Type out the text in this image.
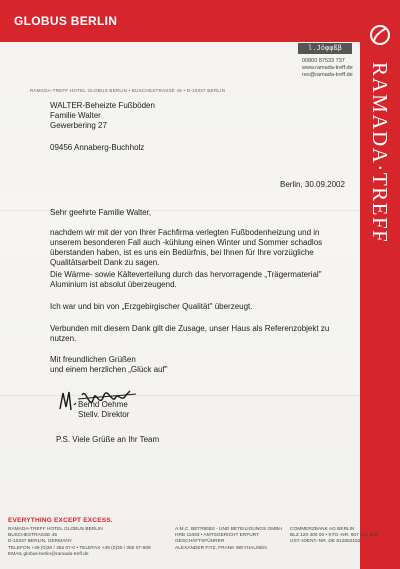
GLOBUS BERLIN
RAMADA·TREFF
l.Jöφφßβ
00800 87533 737
www.ramada-treff.de
res@ramada-treff.de
RAMADA-TREFF HOTEL GLOBUS BERLIN • BUSCHESTRASSE 45 • D-10337 BERLIN
WALTER-Beheizte Fußböden
Familie Walter
Gewerbering 27
09456 Annaberg-Buchholz
Berlin, 30.09.2002
Sehr geehrte Familie Walter,
nachdem wir mit der von Ihrer Fachfirma verlegten Fußbodenheizung und in unserem besonderen Fall auch -kühlung einen Winter und Sommer schadlos überstanden haben, ist es uns ein Bedürfnis, bei Ihnen für Ihre vorzügliche Qualitätsarbeit Dank zu sagen.
Die Wärme- sowie Kälteverteilung durch das hervorragende „Trägermaterial" Aluminium ist absolut überzeugend.
Ich war und bin von „Erzgebirgischer Qualität" überzeugt.
Verbunden mit diesem Dank gilt die Zusage, unser Haus als Referenzobjekt zu nutzen.
Mit freundlichen Grüßen
und einem herzlichen „Glück auf"
Bernd Oehme
Stellv. Direktor
P.S. Viele Grüße an Ihr Team
EVERYTHING EXCEPT EXCESS.
RAMADA-TREFF HOTEL GLOBUS BERLIN
BUSCHESTRASSE 45
D-10337 BERLIN, GERMANY
TELEFON +49 (0)30 / 355 07-0 • TELEFAX +49 (0)30 / 355 07-808
EMAIL globus-berlin@ramada-treff.de
A.M.C. BETRIEBS - UND BETEILIGUNGS GMBH
HRB 11093 • AMTSGERICHT ERFURT
GESCHÄFTSFÜHRER
ALEXANDER FITZ, FRANK WEYHAUSEN
COMMERZBANK AG BERLIN
BLZ 120 400 00 • KTO.-NR. 907 244 800
UST.-IDENT.-NR. DE 812552152
